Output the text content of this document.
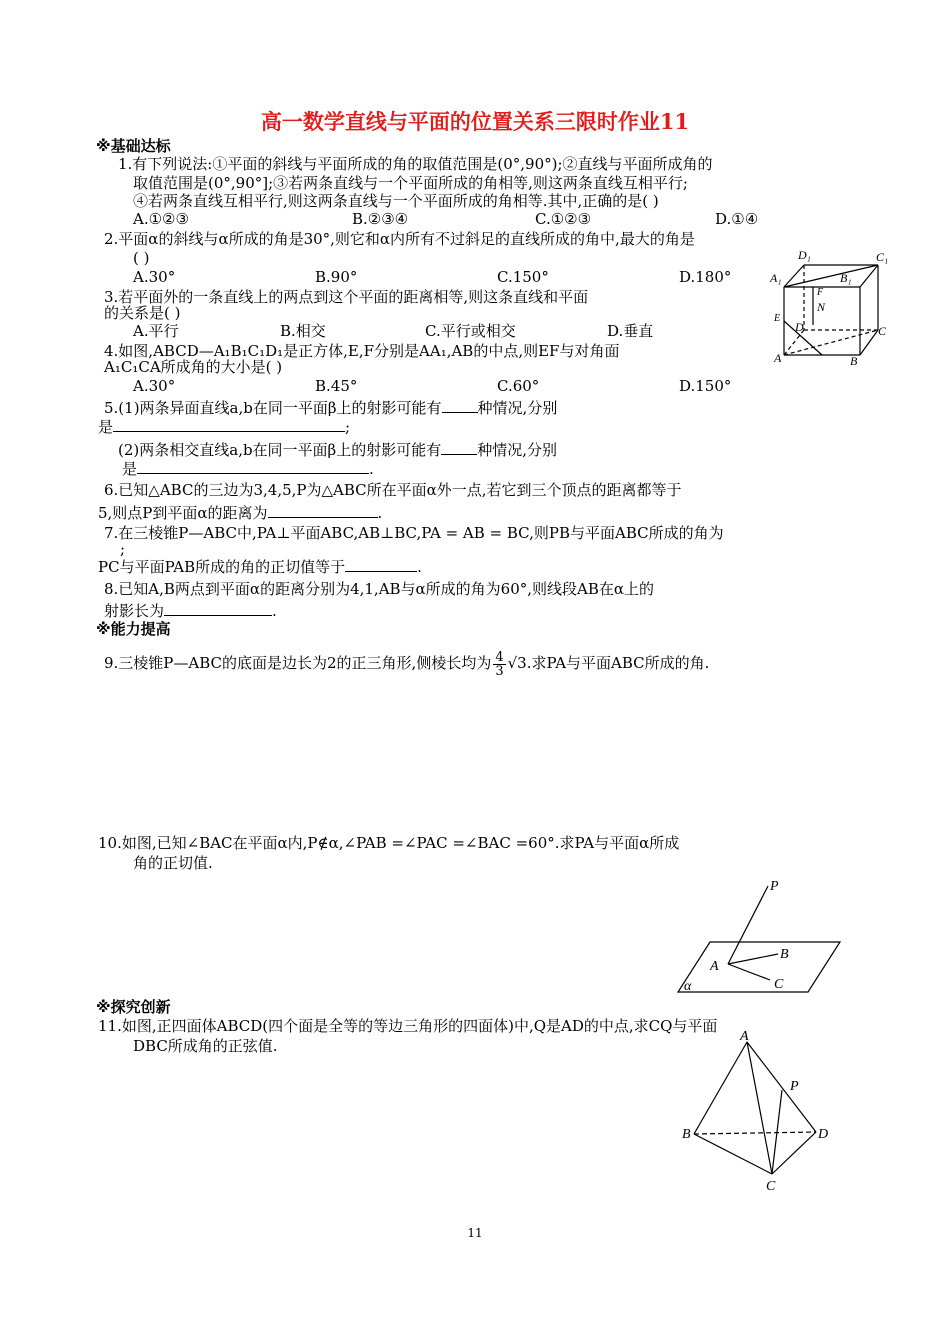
高一数学直线与平面的位置关系三限时作业11
※基础达标
1.有下列说法:①平面的斜线与平面所成的角的取值范围是(0°,90°);②直线与平面所成角的
取值范围是(0°,90°];③若两条直线与一个平面所成的角相等,则这两条直线互相平行;
④若两条直线互相平行,则这两条直线与一个平面所成的角相等.其中,正确的是( )
A.①②③	B.②③④	C.①②③	D.①④
2.平面α的斜线与α所成的角是30°,则它和α内所有不过斜足的直线所成的角中,最大的角是
( )
A.30°	B.90°	C.150°	D.180°
3.若平面外的一条直线上的两点到这个平面的距离相等,则这条直线和平面
的关系是( )
A.平行	B.相交	C.平行或相交	D.垂直
4.如图,ABCD—A₁B₁C₁D₁是正方体,E,F分别是AA₁,AB的中点,则EF与对角面
A₁C₁CA所成角的大小是( )
A.30°	B.45°	C.60°	D.150°
D₁	C₁
A₁	B₁
F
N
E
D	C
A	B
5.(1)两条异面直线a,b在同一平面β上的射影可能有 种情况,分别
是	;
(2)两条相交直线a,b在同一平面β上的射影可能有 种情况,分别
是	.
6.已知△ABC的三边为3,4,5,P为△ABC所在平面α外一点,若它到三个顶点的距离都等于
5,则点P到平面α的距离为	.
7.在三棱锥P—ABC中,PA⊥平面ABC,AB⊥BC,PA = AB = BC,则PB与平面ABC所成的角为
;
PC与平面PAB所成的角的正切值等于	.
8.已知A,B两点到平面α的距离分别为4,1,AB与α所成的角为60°,则线段AB在α上的
射影长为	.
※能力提高
9.三棱锥P—ABC的底面是边长为2的正三角形,侧棱长均为 $\frac{4}{3} √3$.求PA与平面ABC所成的角.
10.如图,已知∠BAC在平面α内,P∉α,∠PAB =∠PAC =∠BAC =60°.求PA与平面α所成
角的正切值.
P
B
A
C
α
※探究创新
11.如图,正四面体ABCD(四个面是全等的等边三角形的四面体)中,Q是AD的中点,求CQ与平面
DBC所成角的正弦值.
A
P
B	D
C
11
